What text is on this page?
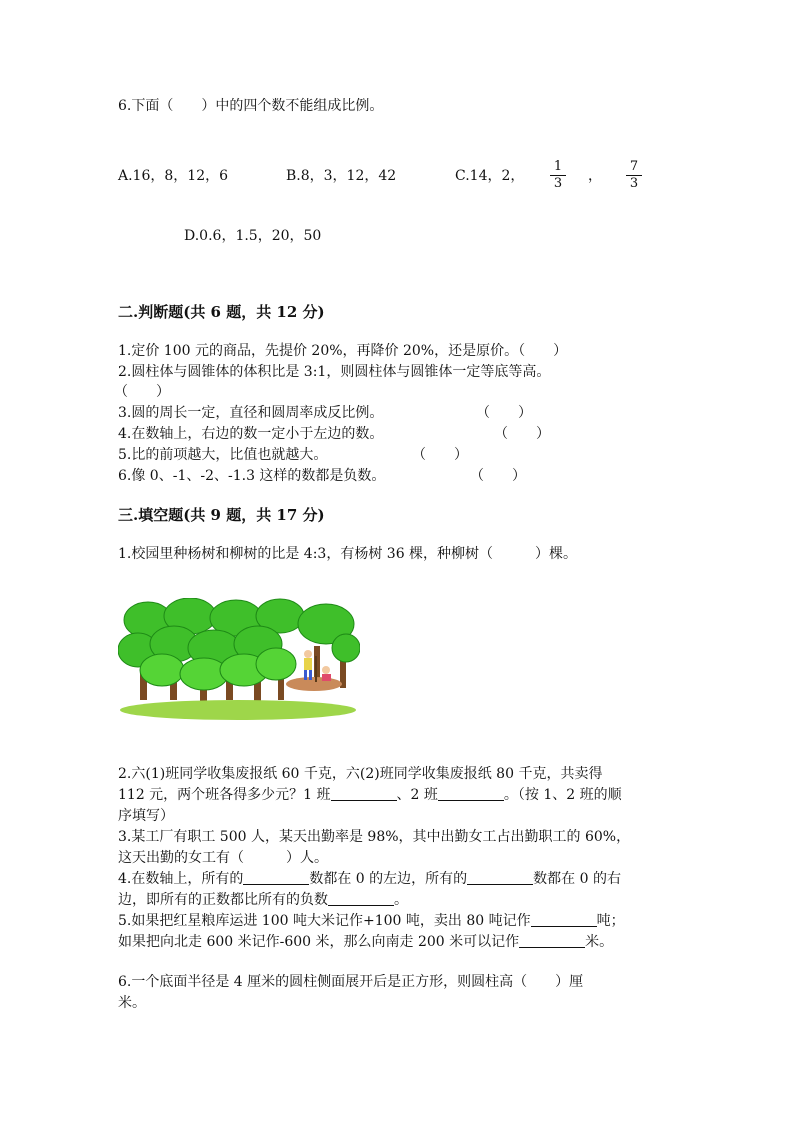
6.下面（　　）中的四个数不能组成比例。
A.16，8，12，6	B.8，3，12，42	C.14，2，
1
3 ，
7
3
D.0.6，1.5，20，50
二.判断题(共 6 题，共 12 分)
1.定价 100 元的商品，先提价 20%，再降价 20%，还是原价。（　　）
2.圆柱体与圆锥体的体积比是 3:1，则圆柱体与圆锥体一定等底等高。
（　　）
3.圆的周长一定，直径和圆周率成反比例。	（　　）
4.在数轴上，右边的数一定小于左边的数。	（　　）
5.比的前项越大，比值也就越大。	（　　）
6.像 0、-1、-2、-1.3 这样的数都是负数。	（　　）
三.填空题(共 9 题，共 17 分)
1.校园里种杨树和柳树的比是 4:3，有杨树 36 棵，种柳树（　　　）棵。
2.六(1)班同学收集废报纸 60 千克，六(2)班同学收集废报纸 80 千克，共卖得
112 元，两个班各得多少元？1 班	、2 班	。（按 1、2 班的顺
序填写）
3.某工厂有职工 500 人，某天出勤率是 98%，其中出勤女工占出勤职工的 60%，
这天出勤的女工有（　　　）人。
4.在数轴上，所有的	数都在 0 的左边，所有的	数都在 0 的右
边，即所有的正数都比所有的负数	。
5.如果把红星粮库运进 100 吨大米记作+100 吨，卖出 80 吨记作	吨；
如果把向北走 600 米记作-600 米，那么向南走 200 米可以记作	米。
6.一个底面半径是 4 厘米的圆柱侧面展开后是正方形，则圆柱高（　　）厘
米。
